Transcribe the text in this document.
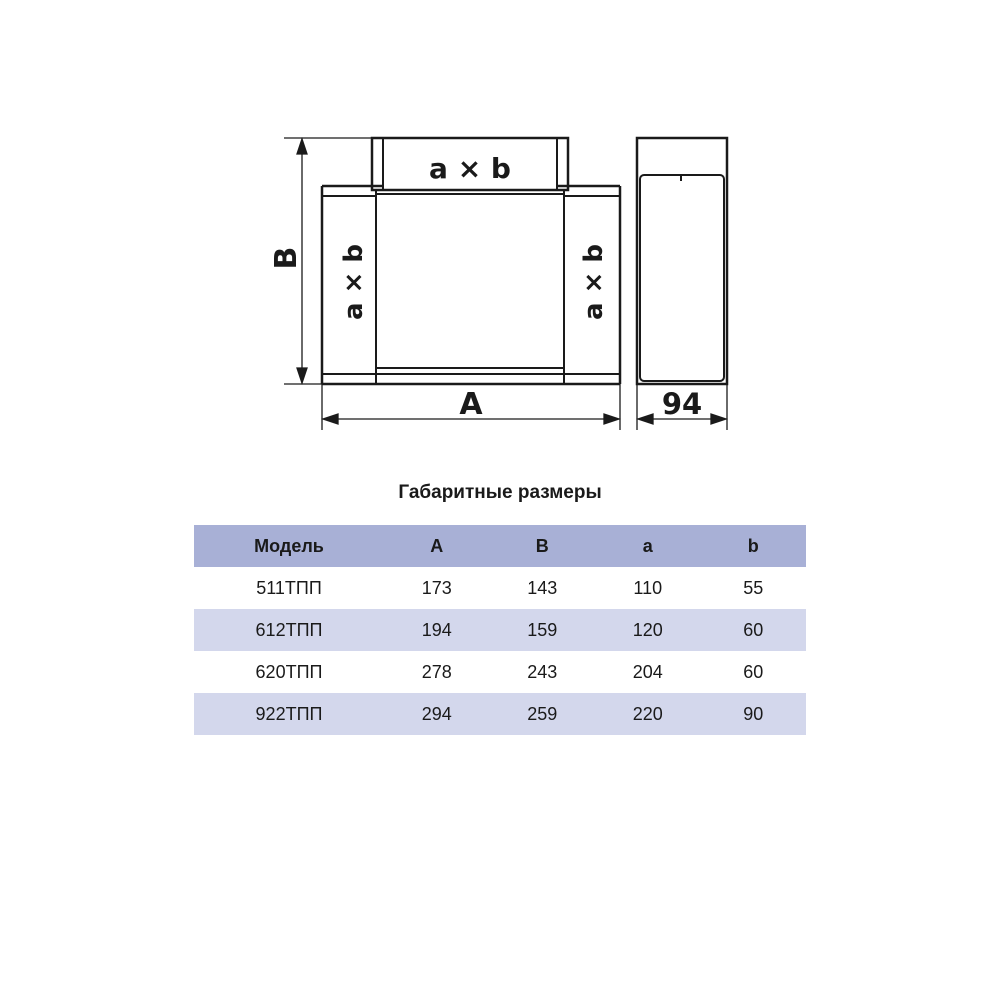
a × b
a × b	a × b
B
A	94
Габаритные размеры
Модель	A	B	a	b
511ТПП	173	143	110	55
612ТПП	194	159	120	60
620ТПП	278	243	204	60
922ТПП	294	259	220	90
